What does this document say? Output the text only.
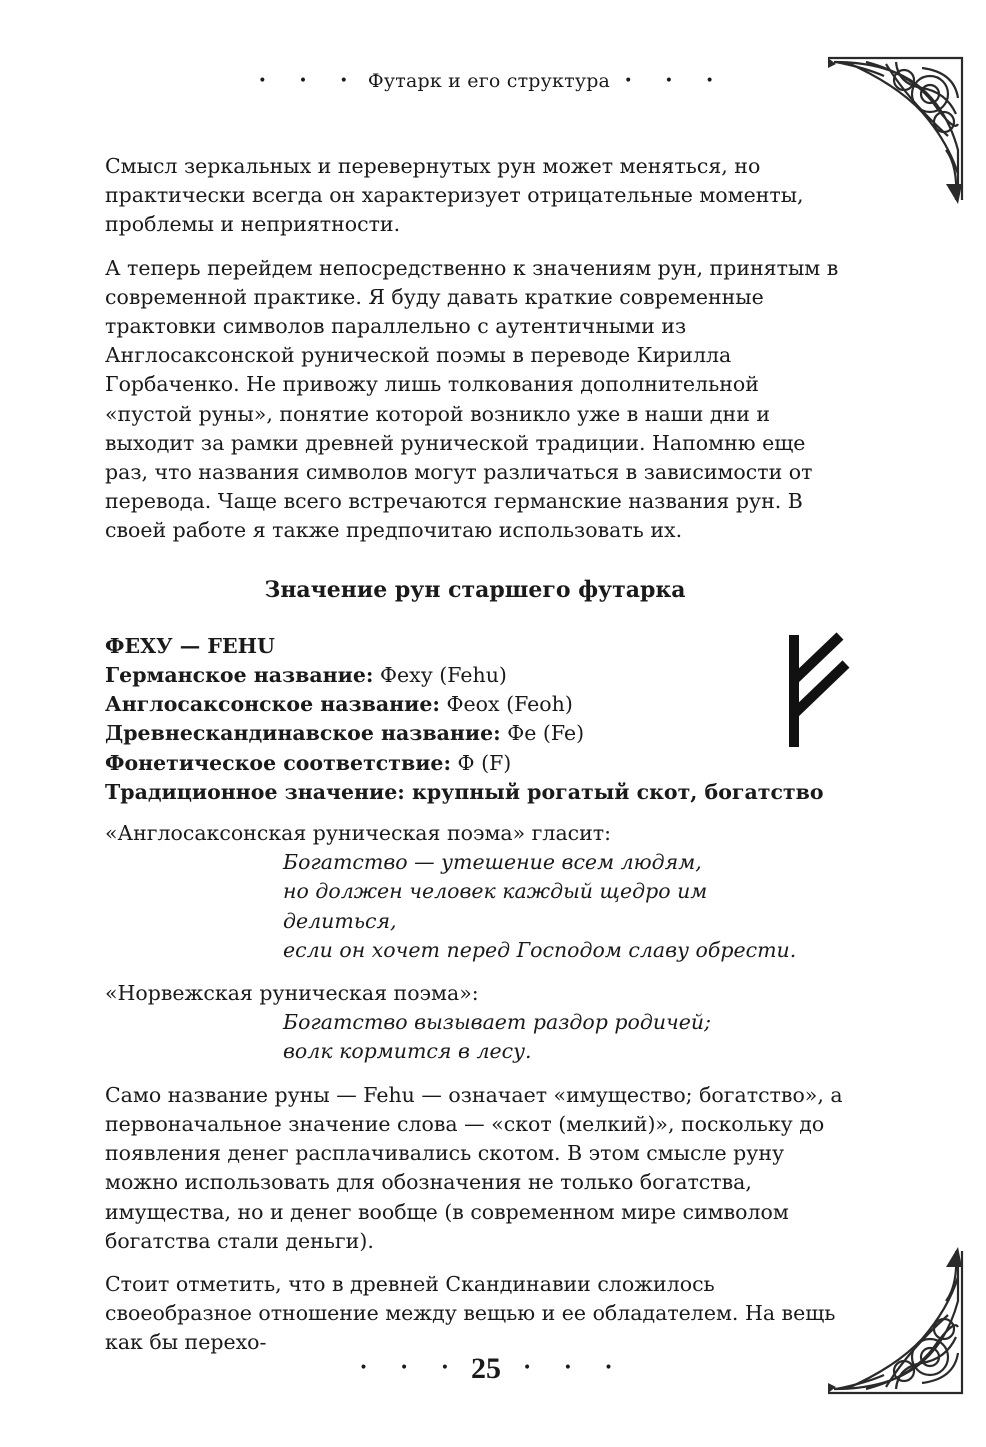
• • • Футарк и его структура • • •

Смысл зеркальных и перевернутых рун может меняться, но практически всегда он характеризует отрицательные моменты, проблемы и неприятности.

А теперь перейдем непосредственно к значениям рун, принятым в современной практике. Я буду давать краткие современные трактовки символов параллельно с аутентичными из Англосаксонской рунической поэмы в переводе Кирилла Горбаченко. Не привожу лишь толкования дополнительной «пустой руны», понятие которой возникло уже в наши дни и выходит за рамки древней рунической традиции. Напомню еще раз, что названия символов могут различаться в зависимости от перевода. Чаще всего встречаются германские названия рун. В своей работе я также предпочитаю использовать их.

Значение рун старшего футарка

ФЕХУ — FEHU

Германское название: Феху (Fehu)

Англосаксонское название: Феох (Feoh)

Древнескандинавское название: Фе (Fe)

Фонетическое соответствие: Ф (F)

Традиционное значение: крупный рогатый скот, богатство

«Англосаксонская руническая поэма» гласит:

Богатство — утешение всем людям,

но должен человек каждый щедро им

делиться,

если он хочет перед Господом славу обрести.

«Норвежская руническая поэма»:

Богатство вызывает раздор родичей;

волк кормится в лесу.

Само название руны — Fehu — означает «имущество; богатство», а первоначальное значение слова — «скот (мелкий)», поскольку до появления денег расплачивались скотом. В этом смысле руну можно использовать для обозначения не только богатства, имущества, но и денег вообще (в современном мире символом богатства стали деньги).

Стоит отметить, что в древней Скандинавии сложилось своеобразное отношение между вещью и ее обладателем. На вещь как бы перехо-

• • • 25 • • •
